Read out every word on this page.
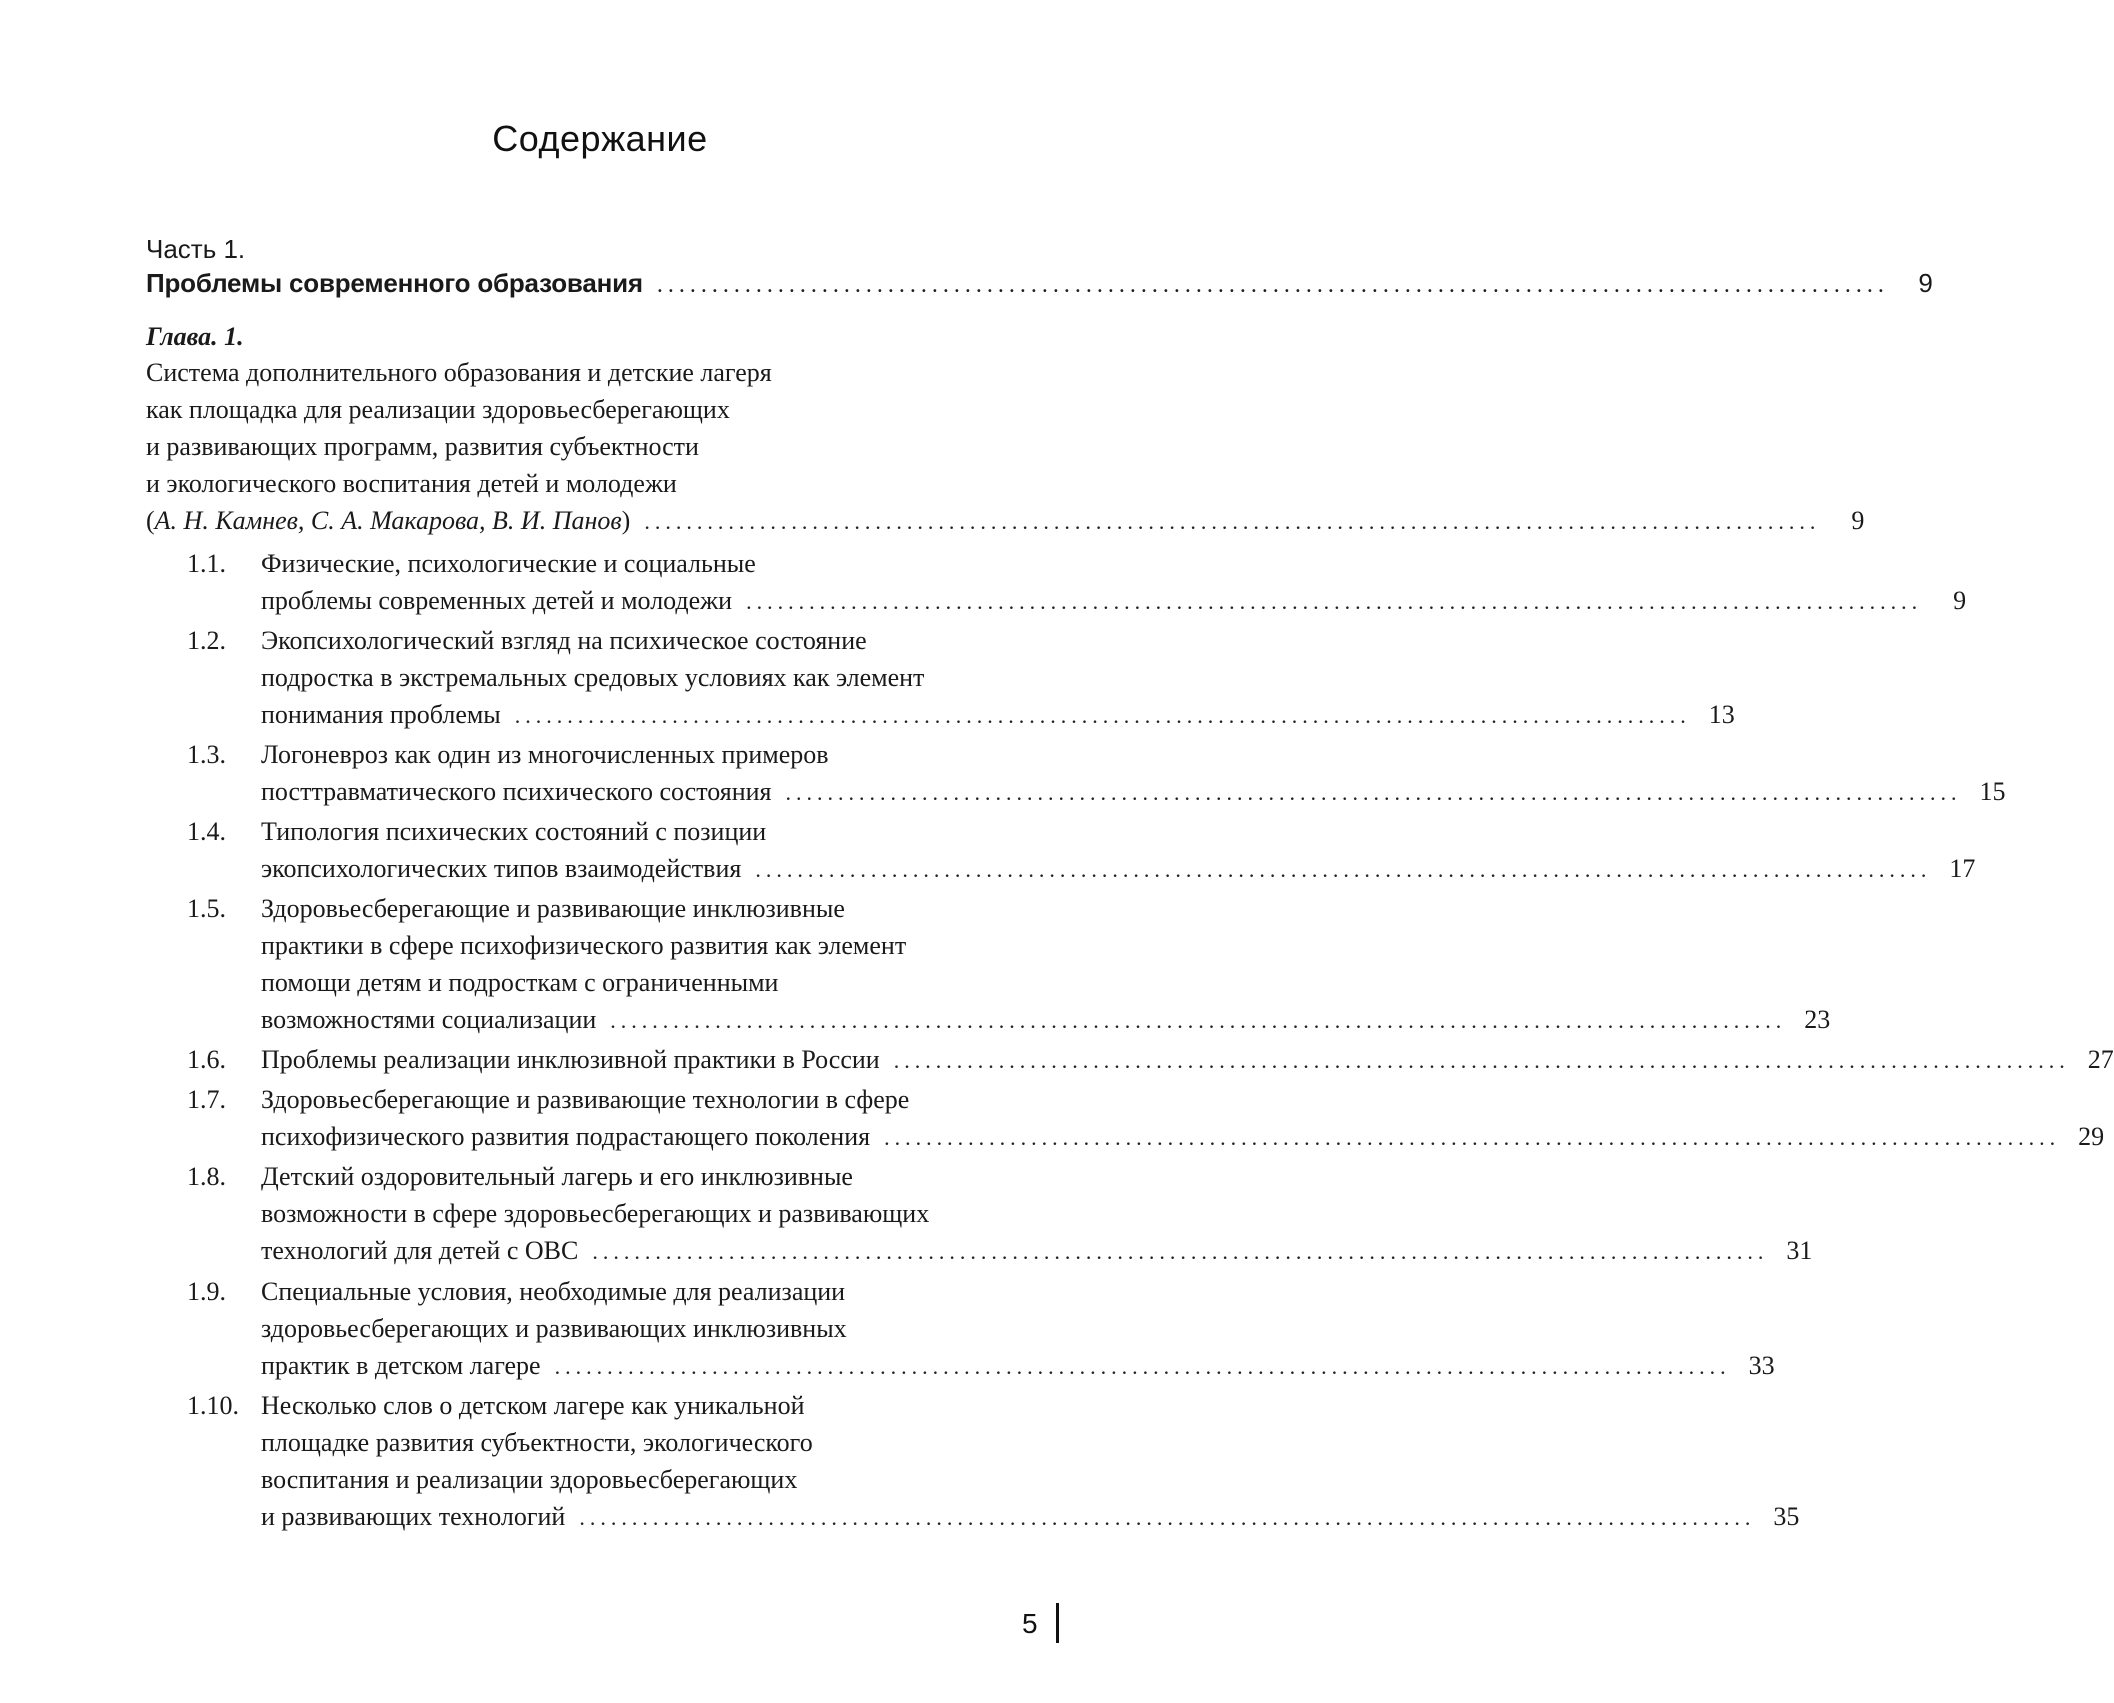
Содержание
Часть 1.
Проблемы современного образования ................................................................................................................	9
Глава. 1.
Система дополнительного образования и детские лагеря
как площадка для реализации здоровьесберегающих
и развивающих программ, развития субъектности
и экологического воспитания детей и молодежи
(А. Н. Камнев, С. А. Макарова, В. И. Панов) ................................................................................................................	9
1.1. Физические, психологические и социальные
проблемы современных детей и молодежи ................................................................................................................	9
1.2. Экопсихологический взгляд на психическое состояние
подростка в экстремальных средовых условиях как элемент
понимания проблемы ................................................................................................................ 13
1.3. Логоневроз как один из многочисленных примеров
посттравматического психического состояния ................................................................................................................ 15
1.4. Типология психических состояний с позиции
экопсихологических типов взаимодействия ................................................................................................................ 17
1.5. Здоровьесберегающие и развивающие инклюзивные
практики в сфере психофизического развития как элемент
помощи детям и подросткам с ограниченными
возможностями социализации ................................................................................................................ 23
1.6. Проблемы реализации инклюзивной практики в России ................................................................................................................ 27
1.7. Здоровьесберегающие и развивающие технологии в сфере
психофизического развития подрастающего поколения ................................................................................................................ 29
1.8. Детский оздоровительный лагерь и его инклюзивные
возможности в сфере здоровьесберегающих и развивающих
технологий для детей с ОВС ................................................................................................................ 31
1.9. Специальные условия, необходимые для реализации
здоровьесберегающих и развивающих инклюзивных
практик в детском лагере ................................................................................................................ 33
1.10. Несколько слов о детском лагере как уникальной
площадке развития субъектности, экологического
воспитания и реализации здоровьесберегающих
и развивающих технологий ................................................................................................................ 35
5
